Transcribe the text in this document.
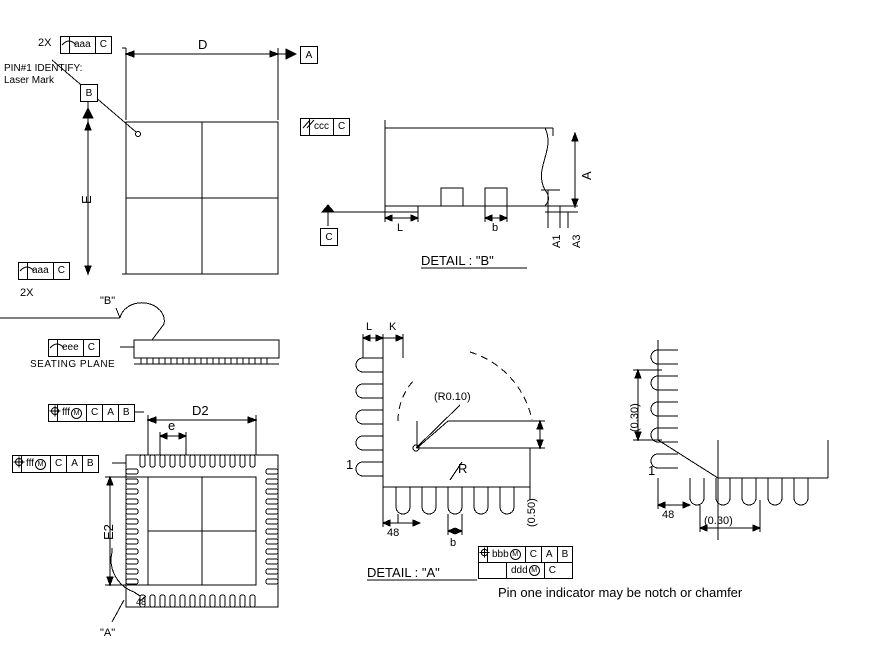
2X
2X
aaa C
aaa C
PIN#1 IDENTIFY:
Laser Mark
A
B
D
E
ccc C
C
A
A1 A3
L	b
DETAIL : "B"
"B"
eee C
SEATING PLANE
fff M	C A B
fff M	C A B
D2
e
E2
48
"A"
L K
(R0.10)
R
(0.50)
1
48
b
bbb M	C A B
ddd M	C
DETAIL : "A"
(0.30)
1
48	(0.30)
Pin one indicator may be notch or chamfer
